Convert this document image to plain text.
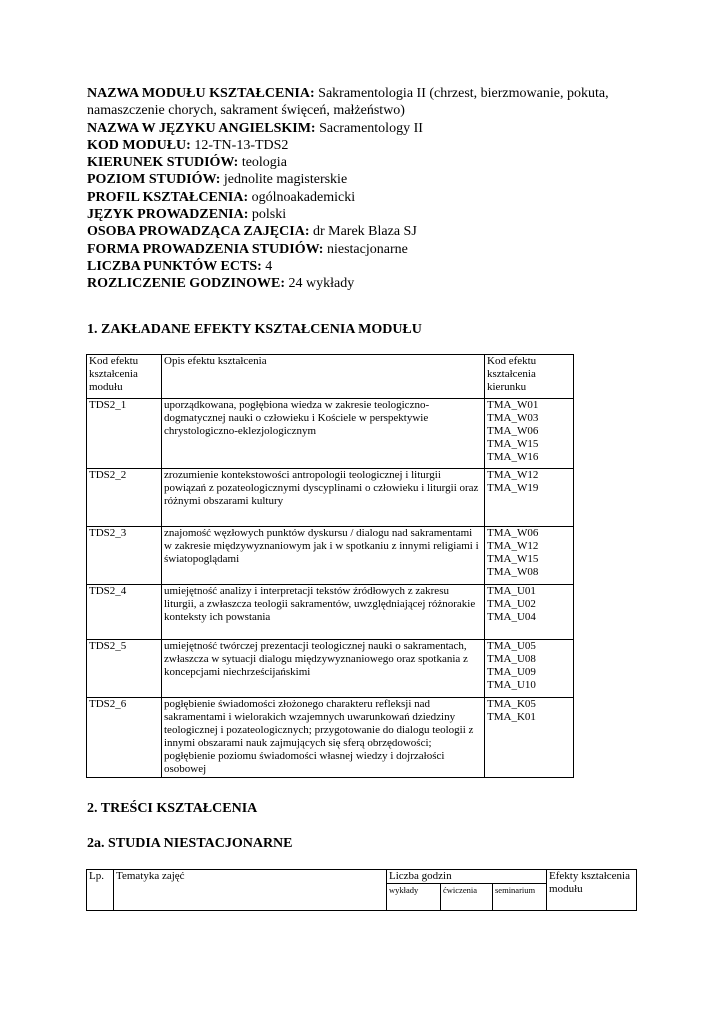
NAZWA MODUŁU KSZTAŁCENIA: Sakramentologia II (chrzest, bierzmowanie, pokuta, namaszczenie chorych, sakrament święceń, małżeństwo)
NAZWA W JĘZYKU ANGIELSKIM: Sacramentology II
KOD MODUŁU: 12-TN-13-TDS2
KIERUNEK STUDIÓW: teologia
POZIOM STUDIÓW: jednolite magisterskie
PROFIL KSZTAŁCENIA: ogólnoakademicki
JĘZYK PROWADZENIA: polski
OSOBA PROWADZĄCA ZAJĘCIA: dr Marek Blaza SJ
FORMA PROWADZENIA STUDIÓW: niestacjonarne
LICZBA PUNKTÓW ECTS: 4
ROZLICZENIE GODZINOWE: 24 wykłady
1. ZAKŁADANE EFEKTY KSZTAŁCENIA MODUŁU
Kod efektu kształcenia modułu	Opis efektu kształcenia	Kod efektu kształcenia kierunku
TDS2_1	uporządkowana, pogłębiona wiedza w zakresie teologiczno-dogmatycznej nauki o człowieku i Kościele w perspektywie chrystologiczno-eklezjologicznym	TMA_W01
TMA_W03
TMA_W06
TMA_W15
TMA_W16

TDS2_2	zrozumienie kontekstowości antropologii teologicznej i liturgii powiązań z pozateologicznymi dyscyplinami o człowieku i liturgii oraz różnymi obszarami kultury	TMA_W12
TMA_W19

TDS2_3	znajomość węzłowych punktów dyskursu / dialogu nad sakramentami w zakresie międzywyznaniowym jak i w spotkaniu z innymi religiami i światopoglądami	TMA_W06
TMA_W12
TMA_W15
TMA_W08

TDS2_4	umiejętność analizy i interpretacji tekstów źródłowych z zakresu liturgii, a zwłaszcza teologii sakramentów, uwzględniającej różnorakie konteksty ich powstania	TMA_U01
TMA_U02
TMA_U04

TDS2_5	umiejętność twórczej prezentacji teologicznej nauki o sakramentach, zwłaszcza w sytuacji dialogu międzywyznaniowego oraz spotkania z koncepcjami niechrześcijańskimi	TMA_U05
TMA_U08
TMA_U09
TMA_U10

TDS2_6	pogłębienie świadomości złożonego charakteru refleksji nad sakramentami i wielorakich wzajemnych uwarunkowań dziedziny teologicznej i pozateologicznych; przygotowanie do dialogu teologii z innymi obszarami nauk zajmujących się sferą obrzędowości; pogłębienie poziomu świadomości własnej wiedzy i dojrzałości osobowej	TMA_K05
TMA_K01
2. TREŚCI KSZTAŁCENIA
2a. STUDIA NIESTACJONARNE
Lp.	Tematyka zajęć	Liczba godzin			Efekty kształcenia modułu
		wykłady	ćwiczenia	seminarium	
